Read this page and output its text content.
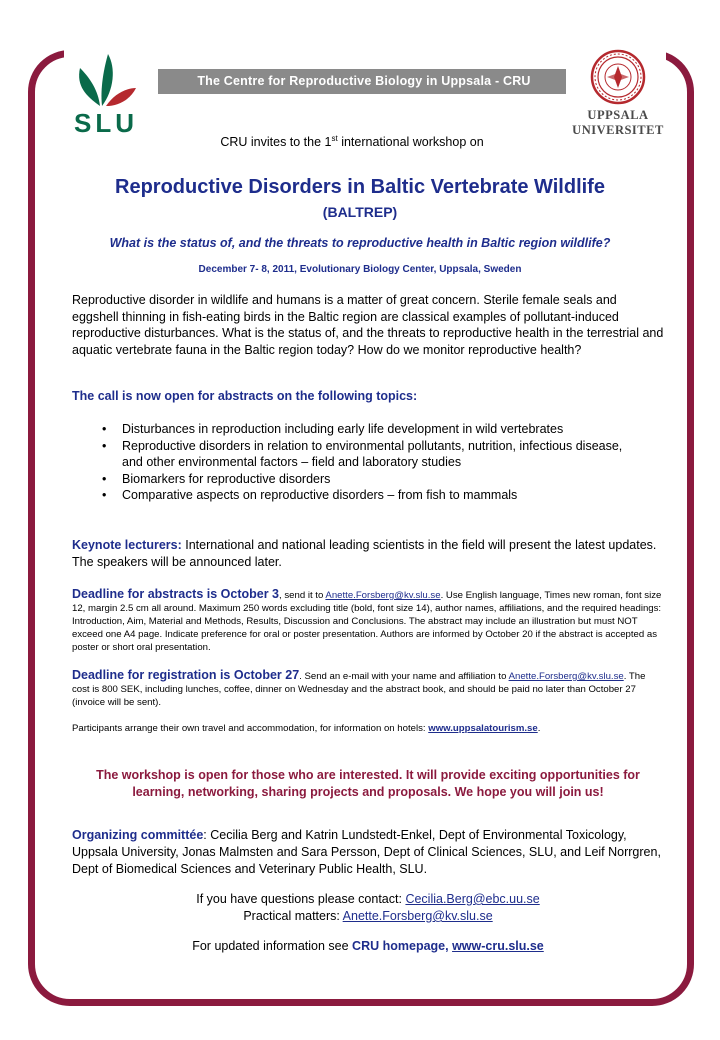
SLU
The Centre for Reproductive Biology in Uppsala - CRU
UPPSALA
UNIVERSITET
CRU invites to the 1st international workshop on
Reproductive Disorders in Baltic Vertebrate Wildlife
(BALTREP)
What is the status of, and the threats to reproductive health in Baltic region wildlife?
December 7- 8, 2011, Evolutionary Biology Center, Uppsala, Sweden
Reproductive disorder in wildlife and humans is a matter of great concern. Sterile female seals and eggshell thinning in fish-eating birds in the Baltic region are classical examples of pollutant-induced reproductive disturbances. What is the status of, and the threats to reproductive health in the terrestrial and aquatic vertebrate fauna in the Baltic region today? How do we monitor reproductive health?
The call is now open for abstracts on the following topics:
• Disturbances in reproduction including early life development in wild vertebrates
• Reproductive disorders in relation to environmental pollutants, nutrition, infectious disease, and other environmental factors – field and laboratory studies
• Biomarkers for reproductive disorders
• Comparative aspects on reproductive disorders – from fish to mammals
Keynote lecturers: International and national leading scientists in the field will present the latest updates. The speakers will be announced later.
Deadline for abstracts is October 3, send it to Anette.Forsberg@kv.slu.se. Use English language, Times new roman, font size 12, margin 2.5 cm all around. Maximum 250 words excluding title (bold, font size 14), author names, affiliations, and the required headings: Introduction, Aim, Material and Methods, Results, Discussion and Conclusions. The abstract may include an illustration but must NOT exceed one A4 page. Indicate preference for oral or poster presentation. Authors are informed by October 20 if the abstract is accepted as poster or short oral presentation.
Deadline for registration is October 27. Send an e-mail with your name and affiliation to Anette.Forsberg@kv.slu.se. The cost is 800 SEK, including lunches, coffee, dinner on Wednesday and the abstract book, and should be paid no later than October 27 (invoice will be sent).
Participants arrange their own travel and accommodation, for information on hotels: www.uppsalatourism.se.
The workshop is open for those who are interested. It will provide exciting opportunities for learning, networking, sharing projects and proposals. We hope you will join us!
Organizing committée: Cecilia Berg and Katrin Lundstedt-Enkel, Dept of Environmental Toxicology, Uppsala University, Jonas Malmsten and Sara Persson, Dept of Clinical Sciences, SLU, and Leif Norrgren, Dept of Biomedical Sciences and Veterinary Public Health, SLU.
If you have questions please contact: Cecilia.Berg@ebc.uu.se
Practical matters: Anette.Forsberg@kv.slu.se
For updated information see CRU homepage, www-cru.slu.se
